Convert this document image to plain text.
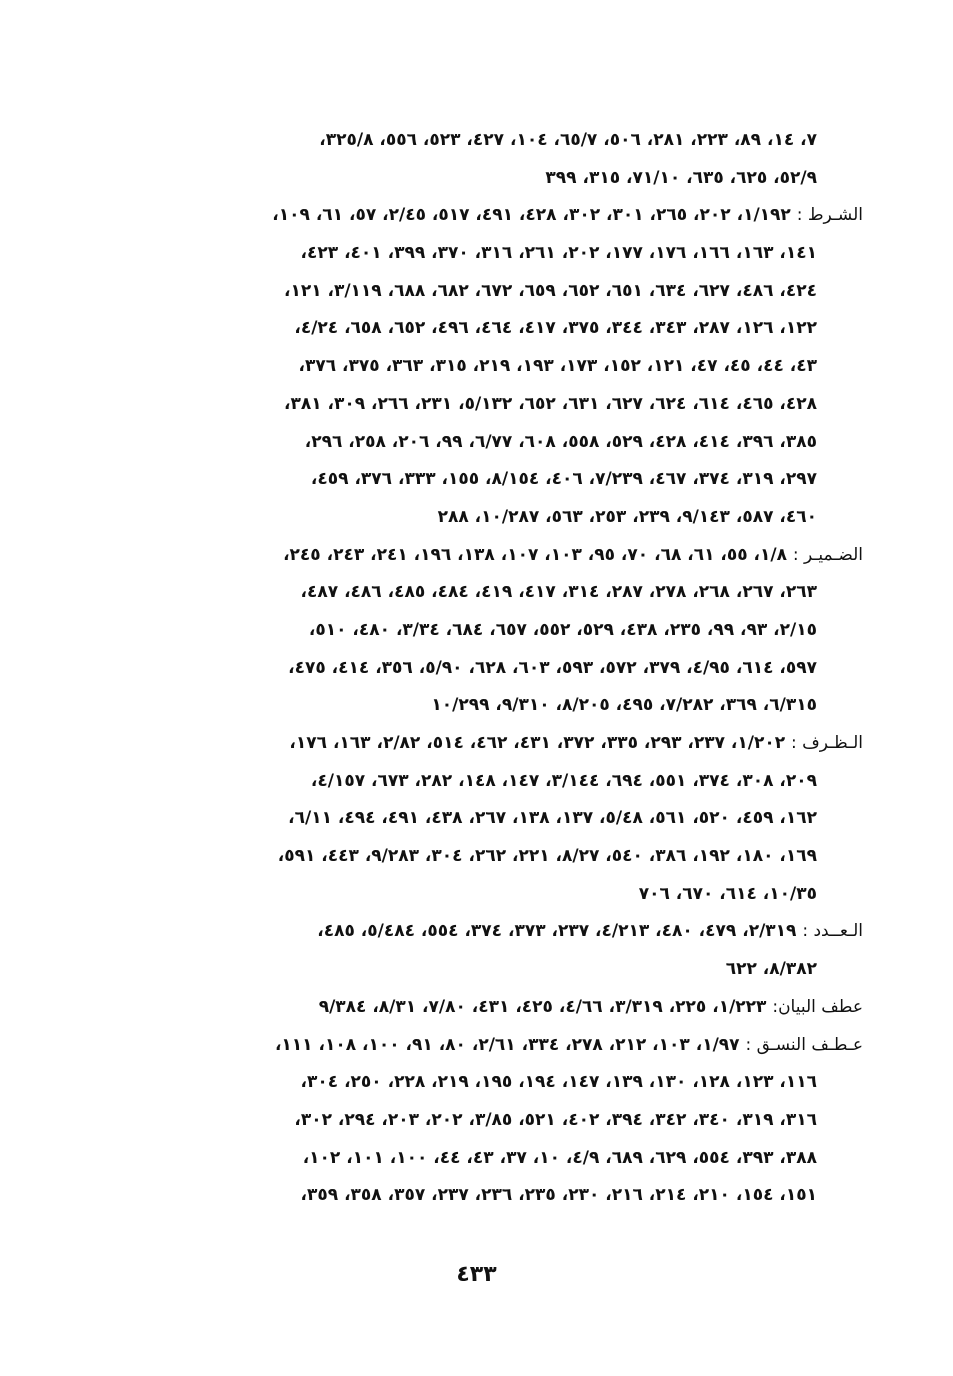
٧، ١٤، ٨٩، ٢٢٣، ٢٨١، ٥٠٦، ٦٥/٧، ١٠٤، ٤٢٧، ٥٢٣، ٥٥٦، ٣٢٥/٨،
٥٢/٩، ٦٢٥، ٦٣٥، ٧١/١٠، ٣١٥، ٣٩٩
الشـرط : ١/١٩٢، ٢٠٢، ٢٦٥، ٣٠١، ٣٠٢، ٤٢٨، ٤٩١، ٥١٧، ٢/٤٥، ٥٧، ٦١، ١٠٩،
١٤١، ١٦٣، ١٦٦، ١٧٦، ١٧٧، ٢٠٢، ٢٦١، ٣١٦، ٣٧٠، ٣٩٩، ٤٠١، ٤٢٣،
٤٢٤، ٤٨٦، ٦٢٧، ٦٣٤، ٦٥١، ٦٥٢، ٦٥٩، ٦٧٢، ٦٨٢، ٦٨٨، ٣/١١٩، ١٢١،
١٢٢، ١٢٦، ٢٨٧، ٣٤٣، ٣٤٤، ٣٧٥، ٤١٧، ٤٦٤، ٤٩٦، ٦٥٢، ٦٥٨، ٤/٢٤،
٤٣، ٤٤، ٤٥، ٤٧، ١٢١، ١٥٢، ١٧٣، ١٩٣، ٢١٩، ٣١٥، ٣٦٣، ٣٧٥، ٣٧٦،
٤٢٨، ٤٦٥، ٦١٤، ٦٢٤، ٦٢٧، ٦٣١، ٦٥٢، ٥/١٣٢، ٢٣١، ٢٦٦، ٣٠٩، ٣٨١،
٣٨٥، ٣٩٦، ٤١٤، ٤٢٨، ٥٢٩، ٥٥٨، ٦٠٨، ٦/٧٧، ٩٩، ٢٠٦، ٢٥٨، ٢٩٦،
٢٩٧، ٣١٩، ٣٧٤، ٤٦٧، ٧/٢٣٩، ٤٠٦، ٨/١٥٤، ١٥٥، ٣٣٣، ٣٧٦، ٤٥٩،
٤٦٠، ٥٨٧، ٩/١٤٣، ٢٣٩، ٢٥٣، ٥٦٣، ١٠/٢٨٧، ٢٨٨
الضـميـر : ١/٨، ٥٥، ٦١، ٦٨، ٧٠، ٩٥، ١٠٣، ١٠٧، ١٣٨، ١٩٦، ٢٤١، ٢٤٣، ٢٤٥،
٢٦٣، ٢٦٧، ٢٦٨، ٢٧٨، ٢٨٧، ٣١٤، ٤١٧، ٤١٩، ٤٨٤، ٤٨٥، ٤٨٦، ٤٨٧،
٢/١٥، ٩٣، ٩٩، ٢٣٥، ٤٣٨، ٥٢٩، ٥٥٢، ٦٥٧، ٦٨٤، ٣/٣٤، ٤٨٠، ٥١٠،
٥٩٧، ٦١٤، ٤/٩٥، ٣٧٩، ٥٧٢، ٥٩٣، ٦٠٣، ٦٢٨، ٥/٩٠، ٣٥٦، ٤١٤، ٤٧٥،
٦/٣١٥، ٣٦٩، ٧/٢٨٢، ٤٩٥، ٨/٢٠٥، ٩/٣١٠، ١٠/٢٩٩
الـظـرف : ١/٢٠٢، ٢٣٧، ٢٩٣، ٣٣٥، ٣٧٢، ٤٣١، ٤٦٢، ٥١٤، ٢/٨٢، ١٦٣، ١٧٦،
٢٠٩، ٣٠٨، ٣٧٤، ٥٥١، ٦٩٤، ٣/١٤٤، ١٤٧، ١٤٨، ٢٨٢، ٦٧٣، ٤/١٥٧،
١٦٢، ٤٥٩، ٥٢٠، ٥٦١، ٥/٤٨، ١٣٧، ١٣٨، ٢٦٧، ٤٣٨، ٤٩١، ٤٩٤، ٦/١١،
١٦٩، ١٨٠، ١٩٢، ٣٨٦، ٥٤٠، ٨/٢٧، ٢٢١، ٢٦٢، ٣٠٤، ٩/٢٨٣، ٤٤٣، ٥٩١،
١٠/٣٥، ٦١٤، ٦٧٠، ٧٠٦
الـعــدد : ٢/٣١٩، ٤٧٩، ٤٨٠، ٤/٢١٣، ٢٣٧، ٣٧٣، ٣٧٤، ٥٥٤، ٥/٤٨٤، ٤٨٥،
٨/٣٨٢، ٦٢٢
عطف البيان: ١/٢٢٣، ٢٢٥، ٣/٣١٩، ٤/٦٦، ٤٢٥، ٤٣١، ٧/٨٠، ٨/٣١، ٩/٣٨٤
عـطـف النسـق : ١/٩٧، ١٠٣، ٢١٢، ٢٧٨، ٣٣٤، ٢/٦١، ٨٠، ٩١، ١٠٠، ١٠٨، ١١١،
١١٦، ١٢٣، ١٢٨، ١٣٠، ١٣٩، ١٤٧، ١٩٤، ١٩٥، ٢١٩، ٢٢٨، ٢٥٠، ٣٠٤،
٣١٦، ٣١٩، ٣٤٠، ٣٤٢، ٣٩٤، ٤٠٢، ٥٢١، ٣/٨٥، ٢٠٢، ٢٠٣، ٢٩٤، ٣٠٢،
٣٨٨، ٣٩٣، ٥٥٤، ٦٢٩، ٦٨٩، ٤/٩، ١٠، ٣٧، ٤٣، ٤٤، ١٠٠، ١٠١، ١٠٢،
١٥١، ١٥٤، ٢١٠، ٢١٤، ٢١٦، ٢٣٠، ٢٣٥، ٢٣٦، ٢٣٧، ٣٥٧، ٣٥٨، ٣٥٩،
٤٣٣
